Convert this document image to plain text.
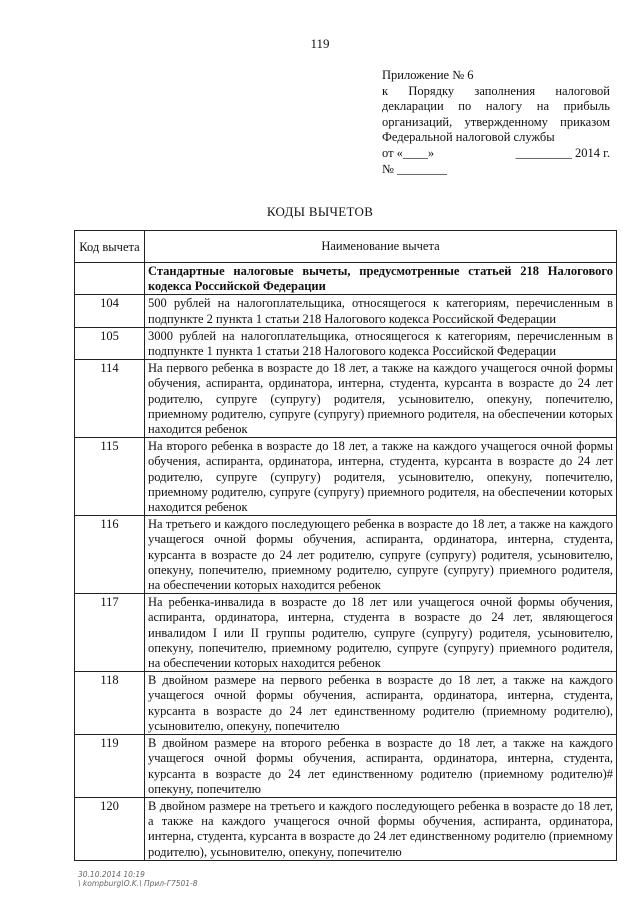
119
Приложение № 6
к Порядку заполнения налоговой
декларации по налогу на прибыль
организаций, утвержденному приказом
Федеральной налоговой службы
от «____»	_________ 2014 г.
№ ________
КОДЫ ВЫЧЕТОВ
Код вычета	Наименование вычета
	Стандартные налоговые вычеты, предусмотренные статьей 218 Налогового кодекса Российской Федерации
104	500 рублей на налогоплательщика, относящегося к категориям, перечисленным в подпункте 2 пункта 1 статьи 218 Налогового кодекса Российской Федерации
105	3000 рублей на налогоплательщика, относящегося к категориям, перечисленным в подпункте 1 пункта 1 статьи 218 Налогового кодекса Российской Федерации
114	На первого ребенка в возрасте до 18 лет, а также на каждого учащегося очной формы обучения, аспиранта, ординатора, интерна, студента, курсанта в возрасте до 24 лет родителю, супруге (супругу) родителя, усыновителю, опекуну, попечителю, приемному родителю, супруге (супругу) приемного родителя, на обеспечении которых находится ребенок
115	На второго ребенка в возрасте до 18 лет, а также на каждого учащегося очной формы обучения, аспиранта, ординатора, интерна, студента, курсанта в возрасте до 24 лет родителю, супруге (супругу) родителя, усыновителю, опекуну, попечителю, приемному родителю, супруге (супругу) приемного родителя, на обеспечении которых находится ребенок
116	На третьего и каждого последующего ребенка в возрасте до 18 лет, а также на каждого учащегося очной формы обучения, аспиранта, ординатора, интерна, студента, курсанта в возрасте до 24 лет родителю, супруге (супругу) родителя, усыновителю, опекуну, попечителю, приемному родителю, супруге (супругу) приемного родителя, на обеспечении которых находится ребенок
117	На ребенка-инвалида в возрасте до 18 лет или учащегося очной формы обучения, аспиранта, ординатора, интерна, студента в возрасте до 24 лет, являющегося инвалидом I или II группы родителю, супруге (супругу) родителя, усыновителю, опекуну, попечителю, приемному родителю, супруге (супругу) приемного родителя, на обеспечении которых находится ребенок
118	В двойном размере на первого ребенка в возрасте до 18 лет, а также на каждого учащегося очной формы обучения, аспиранта, ординатора, интерна, студента, курсанта в возрасте до 24 лет единственному родителю (приемному родителю), усыновителю, опекуну, попечителю
119	В двойном размере на второго ребенка в возрасте до 18 лет, а также на каждого учащегося очной формы обучения, аспиранта, ординатора, интерна, студента, курсанта в возрасте до 24 лет единственному родителю (приемному родителю)# опекуну, попечителю
120	В двойном размере на третьего и каждого последующего ребенка в возрасте до 18 лет, а также на каждого учащегося очной формы обучения, аспиранта, ординатора, интерна, студента, курсанта в возрасте до 24 лет единственному родителю (приемному родителю), усыновителю, опекуну, попечителю
30.10.2014 10:19
\ kompburg\O.K.\ Прил-Г7501-8
